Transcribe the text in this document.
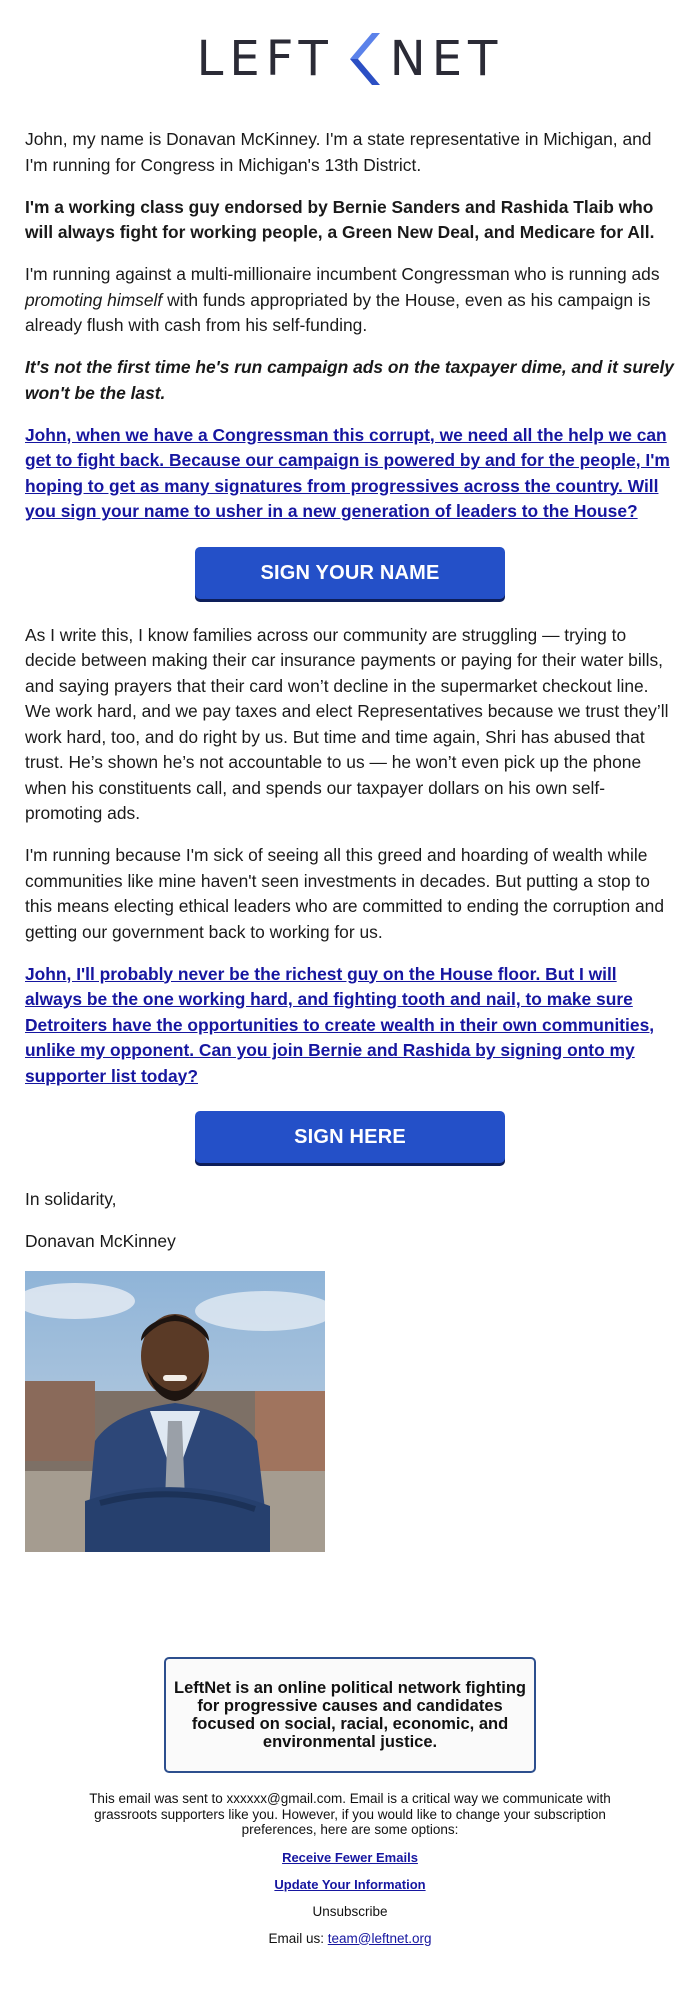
LEFT NET

John, my name is Donavan McKinney. I'm a state representative in Michigan, and I'm running for Congress in Michigan's 13th District.

I'm a working class guy endorsed by Bernie Sanders and Rashida Tlaib who will always fight for working people, a Green New Deal, and Medicare for All.

I'm running against a multi-millionaire incumbent Congressman who is running ads promoting himself with funds appropriated by the House, even as his campaign is already flush with cash from his self-funding.

It's not the first time he's run campaign ads on the taxpayer dime, and it surely won't be the last.

John, when we have a Congressman this corrupt, we need all the help we can get to fight back. Because our campaign is powered by and for the people, I'm hoping to get as many signatures from progressives across the country. Will you sign your name to usher in a new generation of leaders to the House?

SIGN YOUR NAME

As I write this, I know families across our community are struggling — trying to decide between making their car insurance payments or paying for their water bills, and saying prayers that their card won’t decline in the supermarket checkout line. We work hard, and we pay taxes and elect Representatives because we trust they’ll work hard, too, and do right by us. But time and time again, Shri has abused that trust. He’s shown he’s not accountable to us — he won’t even pick up the phone when his constituents call, and spends our taxpayer dollars on his own self-promoting ads.

I'm running because I'm sick of seeing all this greed and hoarding of wealth while communities like mine haven't seen investments in decades. But putting a stop to this means electing ethical leaders who are committed to ending the corruption and getting our government back to working for us.

John, I'll probably never be the richest guy on the House floor. But I will always be the one working hard, and fighting tooth and nail, to make sure Detroiters have the opportunities to create wealth in their own communities, unlike my opponent. Can you join Bernie and Rashida by signing onto my supporter list today?

SIGN HERE

In solidarity,

Donavan McKinney

LeftNet is an online political network fighting for progressive causes and candidates focused on social, racial, economic, and environmental justice.
This email was sent to xxxxxx@gmail.com. Email is a critical way we communicate with grassroots supporters like you. However, if you would like to change your subscription preferences, here are some options:
Receive Fewer Emails
Update Your Information
Unsubscribe
Email us: team@leftnet.org
